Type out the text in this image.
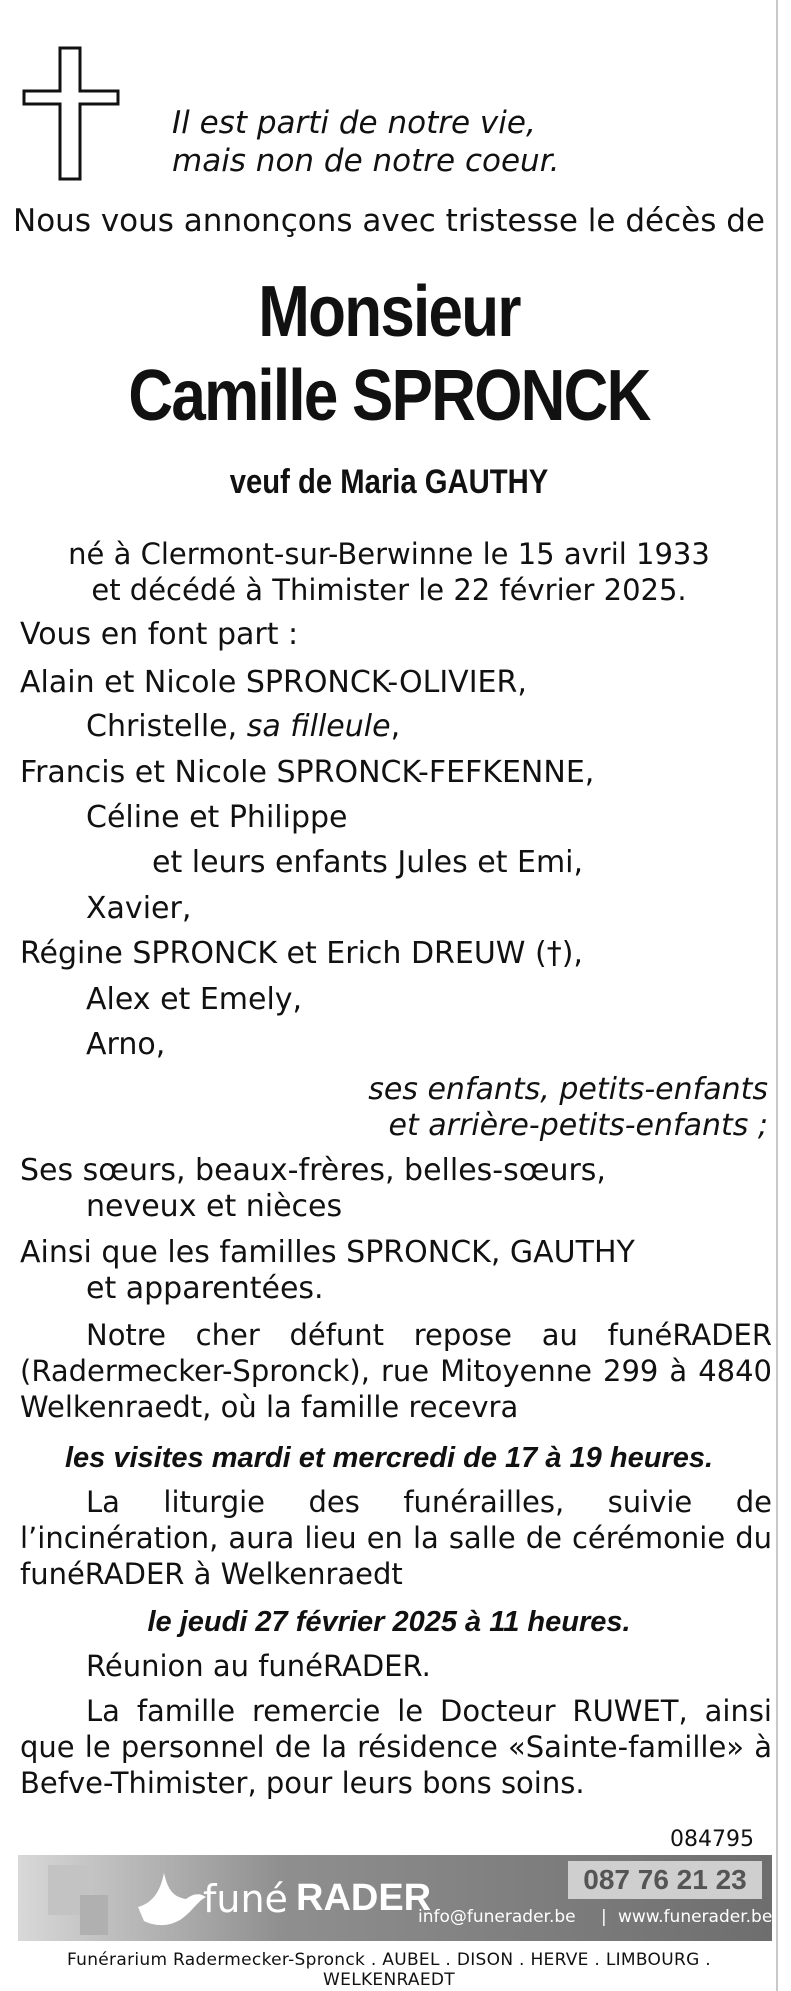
Il est parti de notre vie,
mais non de notre coeur.
Nous vous annonçons avec tristesse le décès de
Monsieur
Camille SPRONCK
veuf de Maria GAUTHY
né à Clermont-sur-Berwinne le 15 avril 1933
et décédé à Thimister le 22 février 2025.
Vous en font part :
Alain et Nicole SPRONCK-OLIVIER,
Christelle, sa filleule,
Francis et Nicole SPRONCK-FEFKENNE,
Céline et Philippe
et leurs enfants Jules et Emi,
Xavier,
Régine SPRONCK et Erich DREUW (†),
Alex et Emely,
Arno,
ses enfants, petits-enfants
et arrière-petits-enfants ;
Ses sœurs, beaux-frères, belles-sœurs,
neveux et nièces
Ainsi que les familles SPRONCK, GAUTHY
et apparentées.
Notre cher défunt repose au funéRADER (Radermecker-Spronck), rue Mitoyenne 299 à 4840 Welkenraedt, où la famille recevra
les visites mardi et mercredi de 17 à 19 heures.
La liturgie des funérailles, suivie de l’incinération, aura lieu en la salle de cérémonie du funéRADER à Welkenraedt
le jeudi 27 février 2025 à 11 heures.
Réunion au funéRADER.
La famille remercie le Docteur RUWET, ainsi que le personnel de la résidence «Sainte-famille» à Befve-Thimister, pour leurs bons soins.
084795
funé RADER	087 76 21 23
info@funerader.be | www.funerader.be
Funérarium Radermecker-Spronck . AUBEL . DISON . HERVE . LIMBOURG . WELKENRAEDT
